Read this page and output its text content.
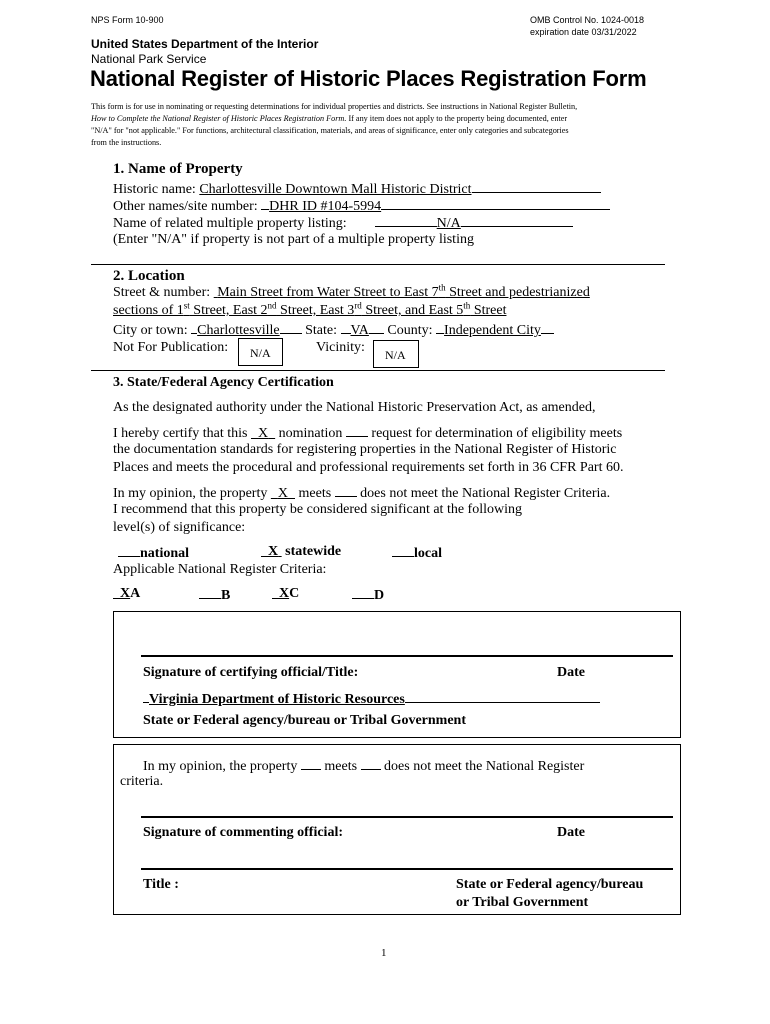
NPS Form 10-900	OMB Control No. 1024-0018
expiration date 03/31/2022
United States Department of the Interior
National Park Service
National Register of Historic Places Registration Form
This form is for use in nominating or requesting determinations for individual properties and districts. See instructions in National Register Bulletin,
How to Complete the National Register of Historic Places Registration Form. If any item does not apply to the property being documented, enter
"N/A" for "not applicable." For functions, architectural classification, materials, and areas of significance, enter only categories and subcategories
from the instructions.
1. Name of Property
Historic name: Charlottesville Downtown Mall Historic District
Other names/site number: DHR ID #104-5994
Name of related multiple property listing:	N/A
(Enter "N/A" if property is not part of a multiple property listing
2. Location
Street & number:  Main Street from Water Street to East 7th Street and pedestrianized
sections of 1st Street, East 2nd Street, East 3rd Street, and East 5th Street
City or town: Charlottesville State: VA County: Independent City
Not For Publication:	N/A	Vicinity:	N/A
3. State/Federal Agency Certification
As the designated authority under the National Historic Preservation Act, as amended,
I hereby certify that this   X   nomination  request for determination of eligibility meets
the documentation standards for registering properties in the National Register of Historic
Places and meets the procedural and professional requirements set forth in 36 CFR Part 60.
In my opinion, the property   X   meets  does not meet the National Register Criteria.
I recommend that this property be considered significant at the following
level(s) of significance:
national	X  statewide	local
Applicable National Register Criteria:
XA	B	XC	D
Signature of certifying official/Title:	Date
Virginia Department of Historic Resources
State or Federal agency/bureau or Tribal Government
In my opinion, the property  meets  does not meet the National Register
criteria.
Signature of commenting official:	Date
Title :	State or Federal agency/bureau
or Tribal Government
1
